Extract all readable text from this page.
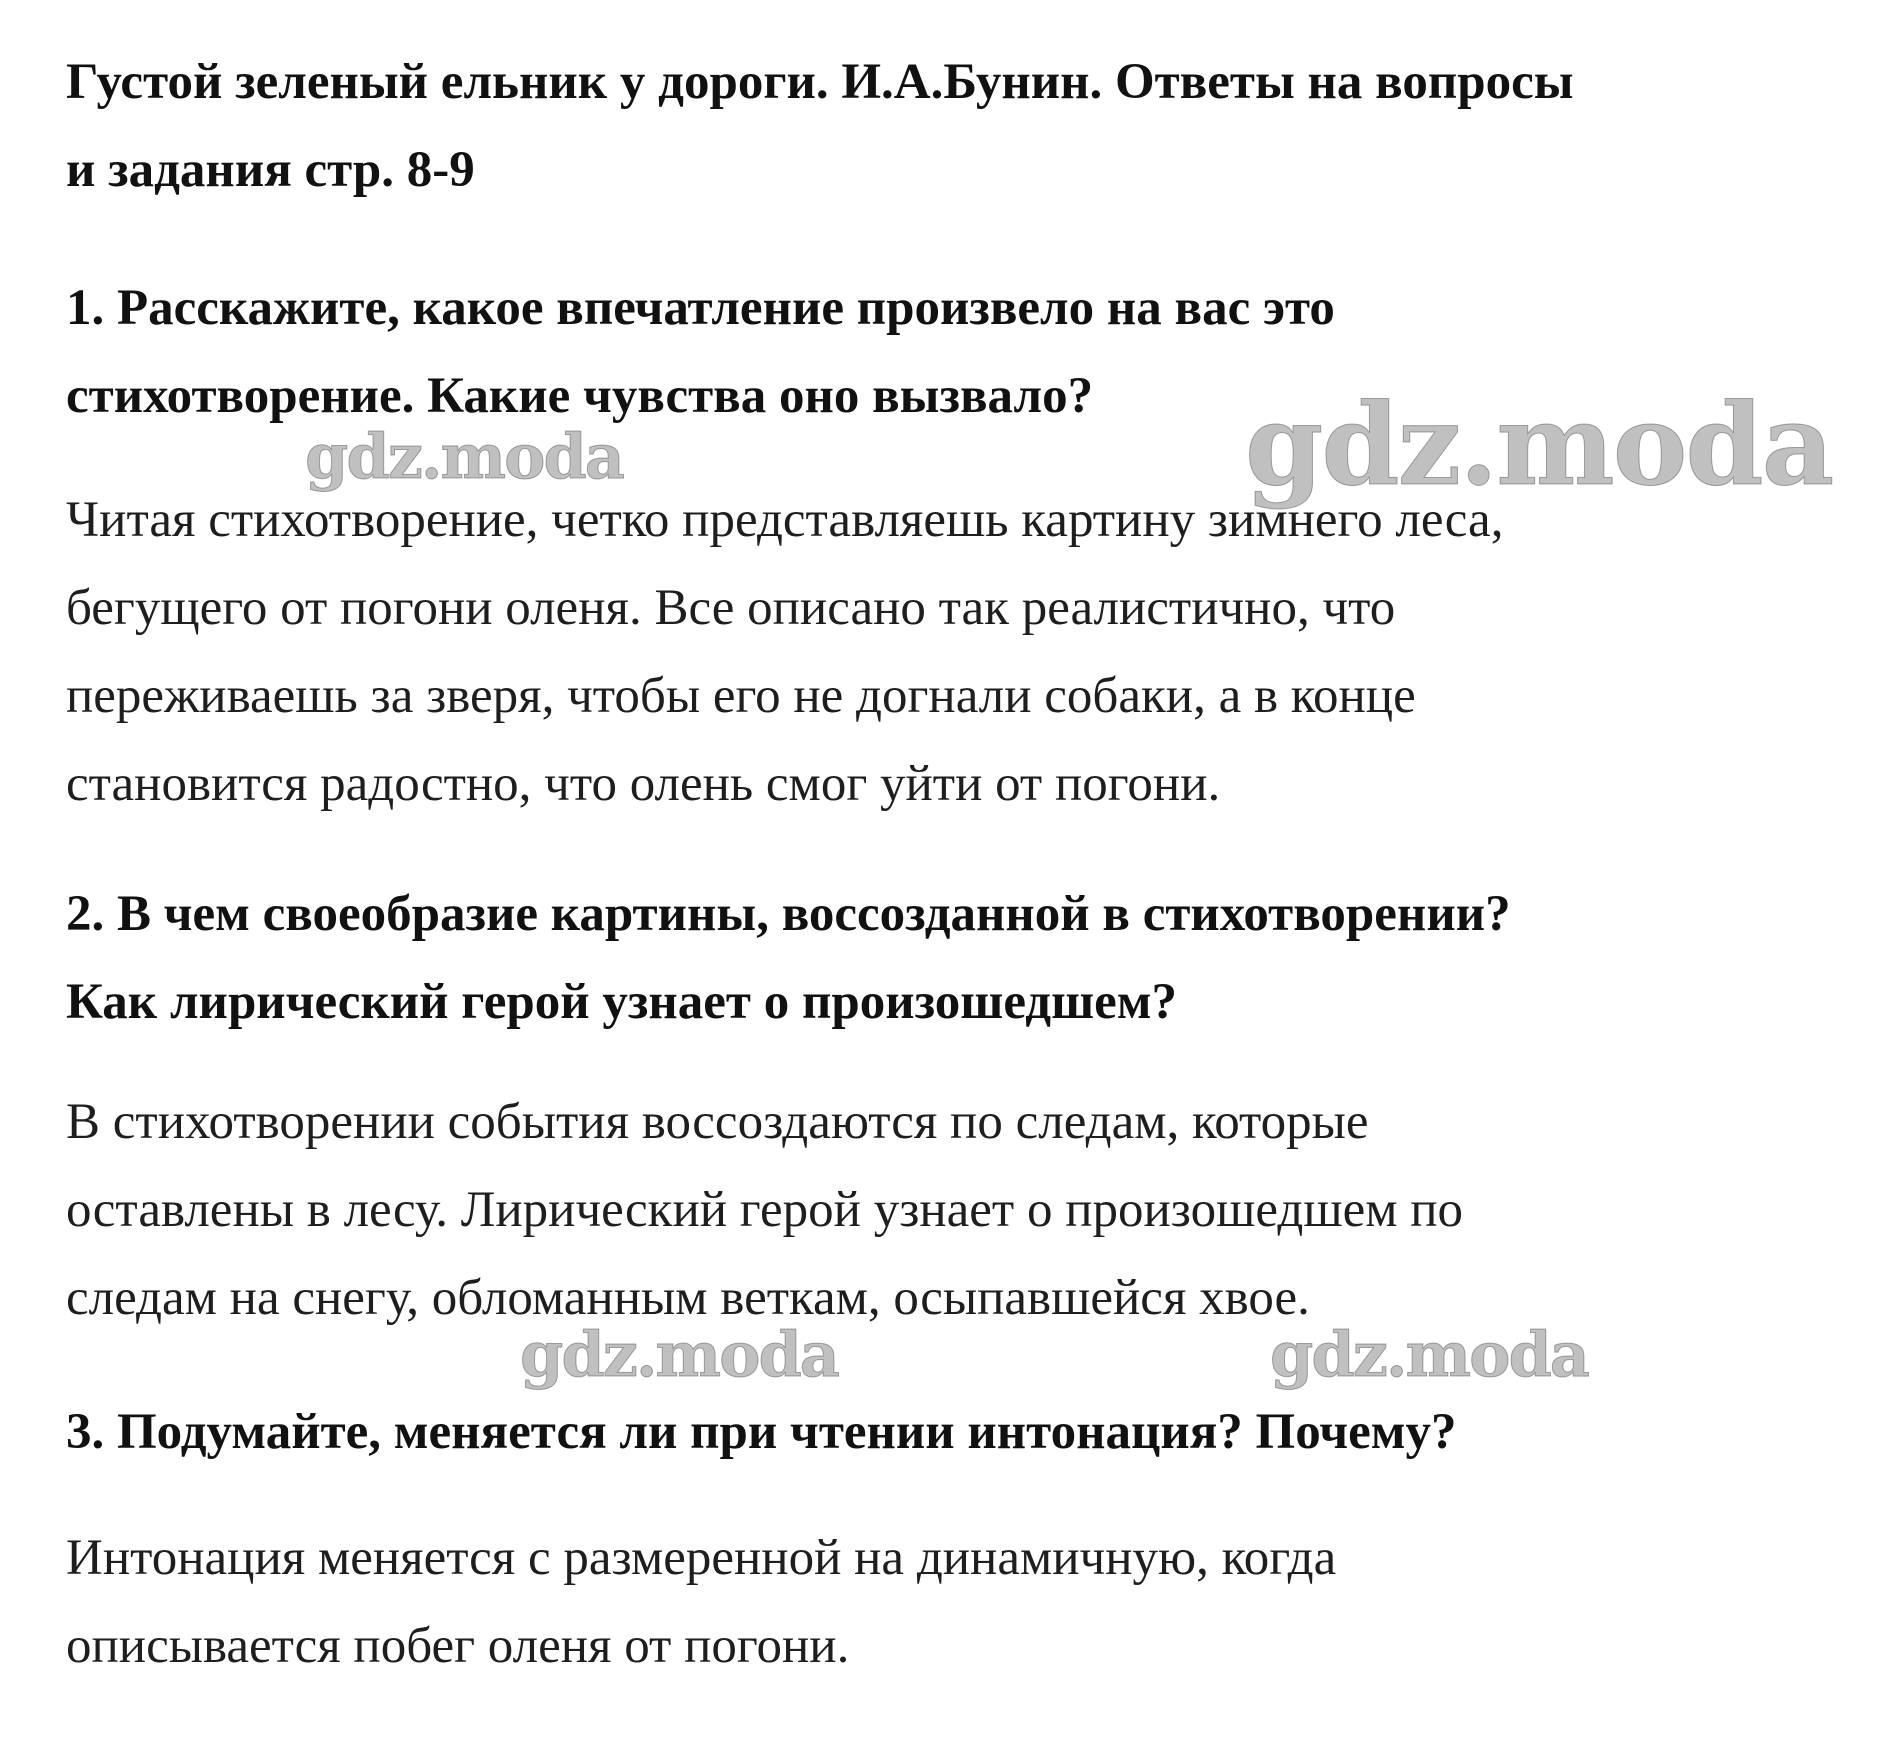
Густой зеленый ельник у дороги. И.А.Бунин. Ответы на вопросы
и задания стр. 8-9
1. Расскажите, какое впечатление произвело на вас это
стихотворение. Какие чувства оно вызвало?
Читая стихотворение, четко представляешь картину зимнего леса,
бегущего от погони оленя. Все описано так реалистично, что
переживаешь за зверя, чтобы его не догнали собаки, а в конце
становится радостно, что олень смог уйти от погони.
2. В чем своеобразие картины, воссозданной в стихотворении?
Как лирический герой узнает о произошедшем?
В стихотворении события воссоздаются по следам, которые
оставлены в лесу. Лирический герой узнает о произошедшем по
следам на снегу, обломанным веткам, осыпавшейся хвое.
3. Подумайте, меняется ли при чтении интонация? Почему?
Интонация меняется с размеренной на динамичную, когда
описывается побег оленя от погони.
gdz.moda	gdz.moda
gdz.moda	gdz.moda
